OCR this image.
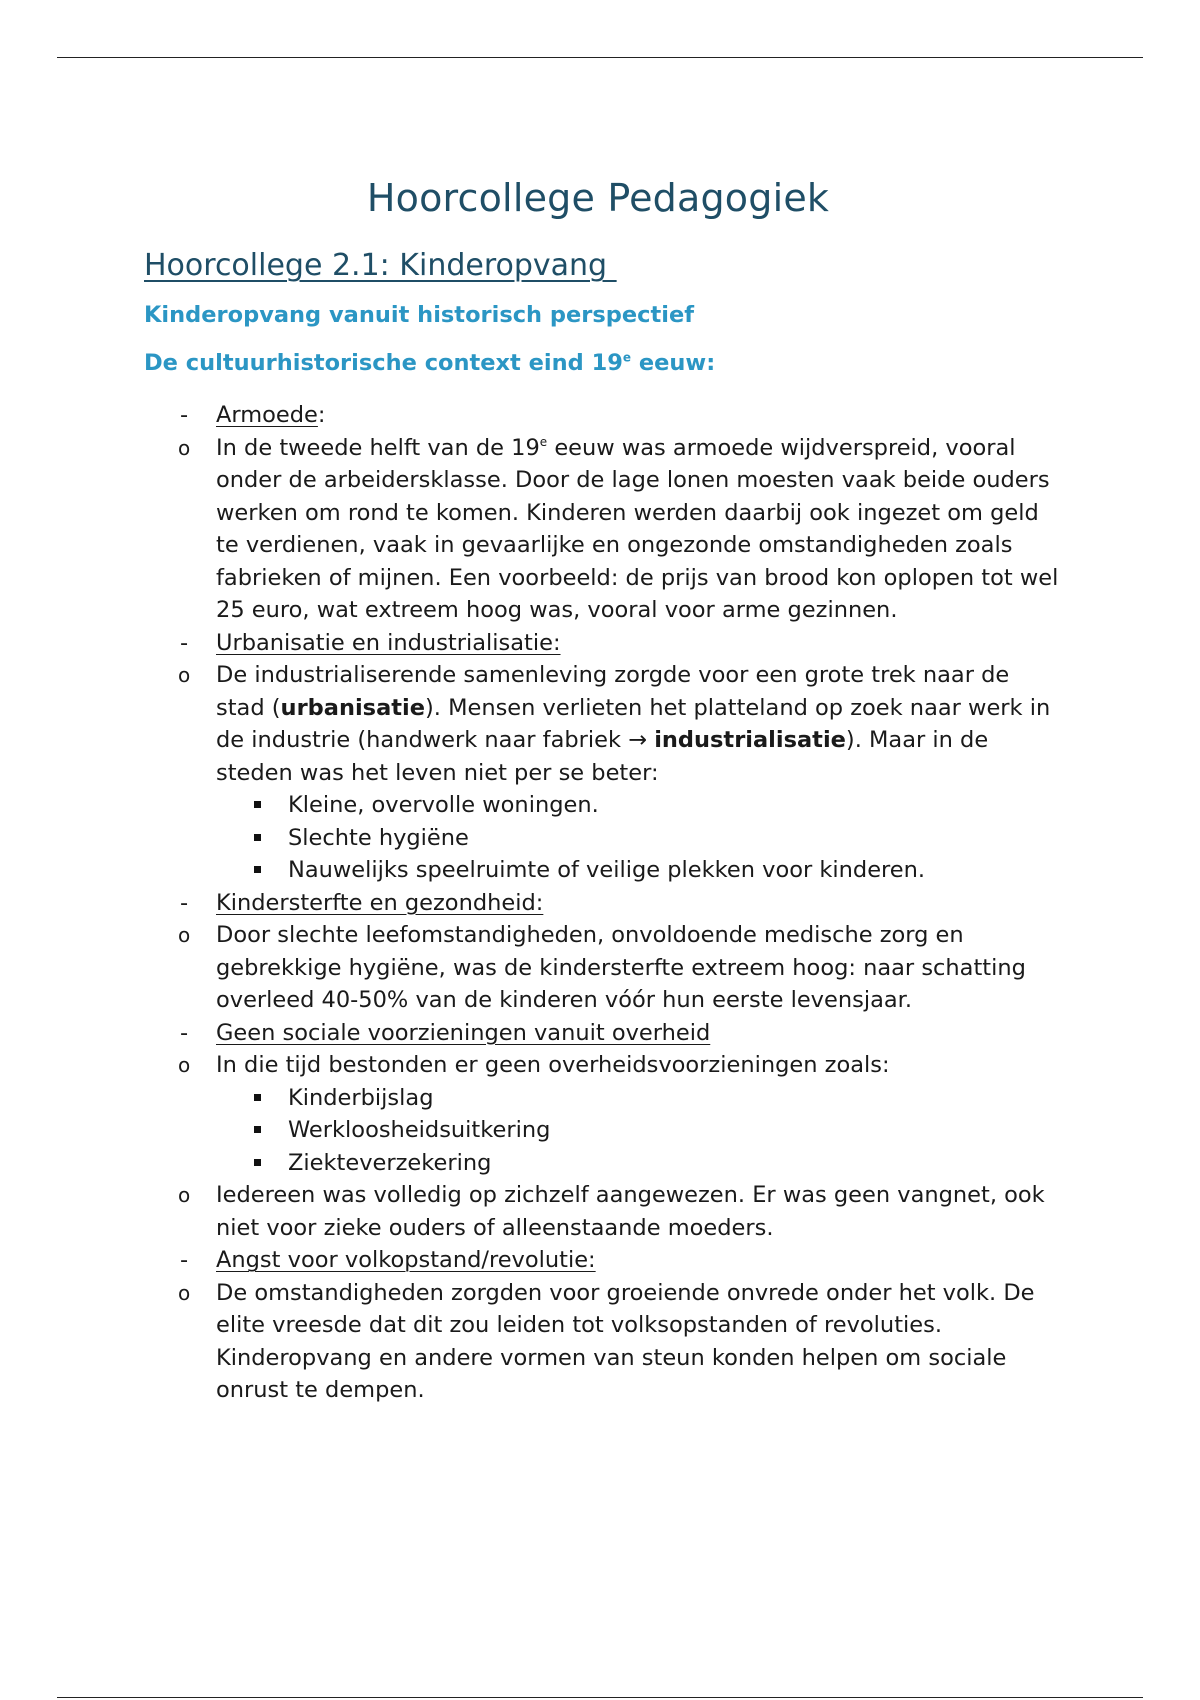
Hoorcollege Pedagogiek
Hoorcollege 2.1: Kinderopvang
Kinderopvang vanuit historisch perspectief
De cultuurhistorische context eind 19e eeuw:
- Armoede:
o In de tweede helft van de 19e eeuw was armoede wijdverspreid, vooral onder de arbeidersklasse. Door de lage lonen moesten vaak beide ouders werken om rond te komen. Kinderen werden daarbij ook ingezet om geld te verdienen, vaak in gevaarlijke en ongezonde omstandigheden zoals fabrieken of mijnen. Een voorbeeld: de prijs van brood kon oplopen tot wel 25 euro, wat extreem hoog was, vooral voor arme gezinnen.
- Urbanisatie en industrialisatie:
o De industrialiserende samenleving zorgde voor een grote trek naar de stad (urbanisatie). Mensen verlieten het platteland op zoek naar werk in de industrie (handwerk naar fabriek → industrialisatie). Maar in de steden was het leven niet per se beter:
Kleine, overvolle woningen.
Slechte hygiëne
Nauwelijks speelruimte of veilige plekken voor kinderen.
- Kindersterfte en gezondheid:
o Door slechte leefomstandigheden, onvoldoende medische zorg en gebrekkige hygiëne, was de kindersterfte extreem hoog: naar schatting overleed 40-50% van de kinderen vóór hun eerste levensjaar.
- Geen sociale voorzieningen vanuit overheid
o In die tijd bestonden er geen overheidsvoorzieningen zoals:
Kinderbijslag
Werkloosheidsuitkering
Ziekteverzekering
o Iedereen was volledig op zichzelf aangewezen. Er was geen vangnet, ook niet voor zieke ouders of alleenstaande moeders.
- Angst voor volkopstand/revolutie:
o De omstandigheden zorgden voor groeiende onvrede onder het volk. De elite vreesde dat dit zou leiden tot volksopstanden of revoluties. Kinderopvang en andere vormen van steun konden helpen om sociale onrust te dempen.
